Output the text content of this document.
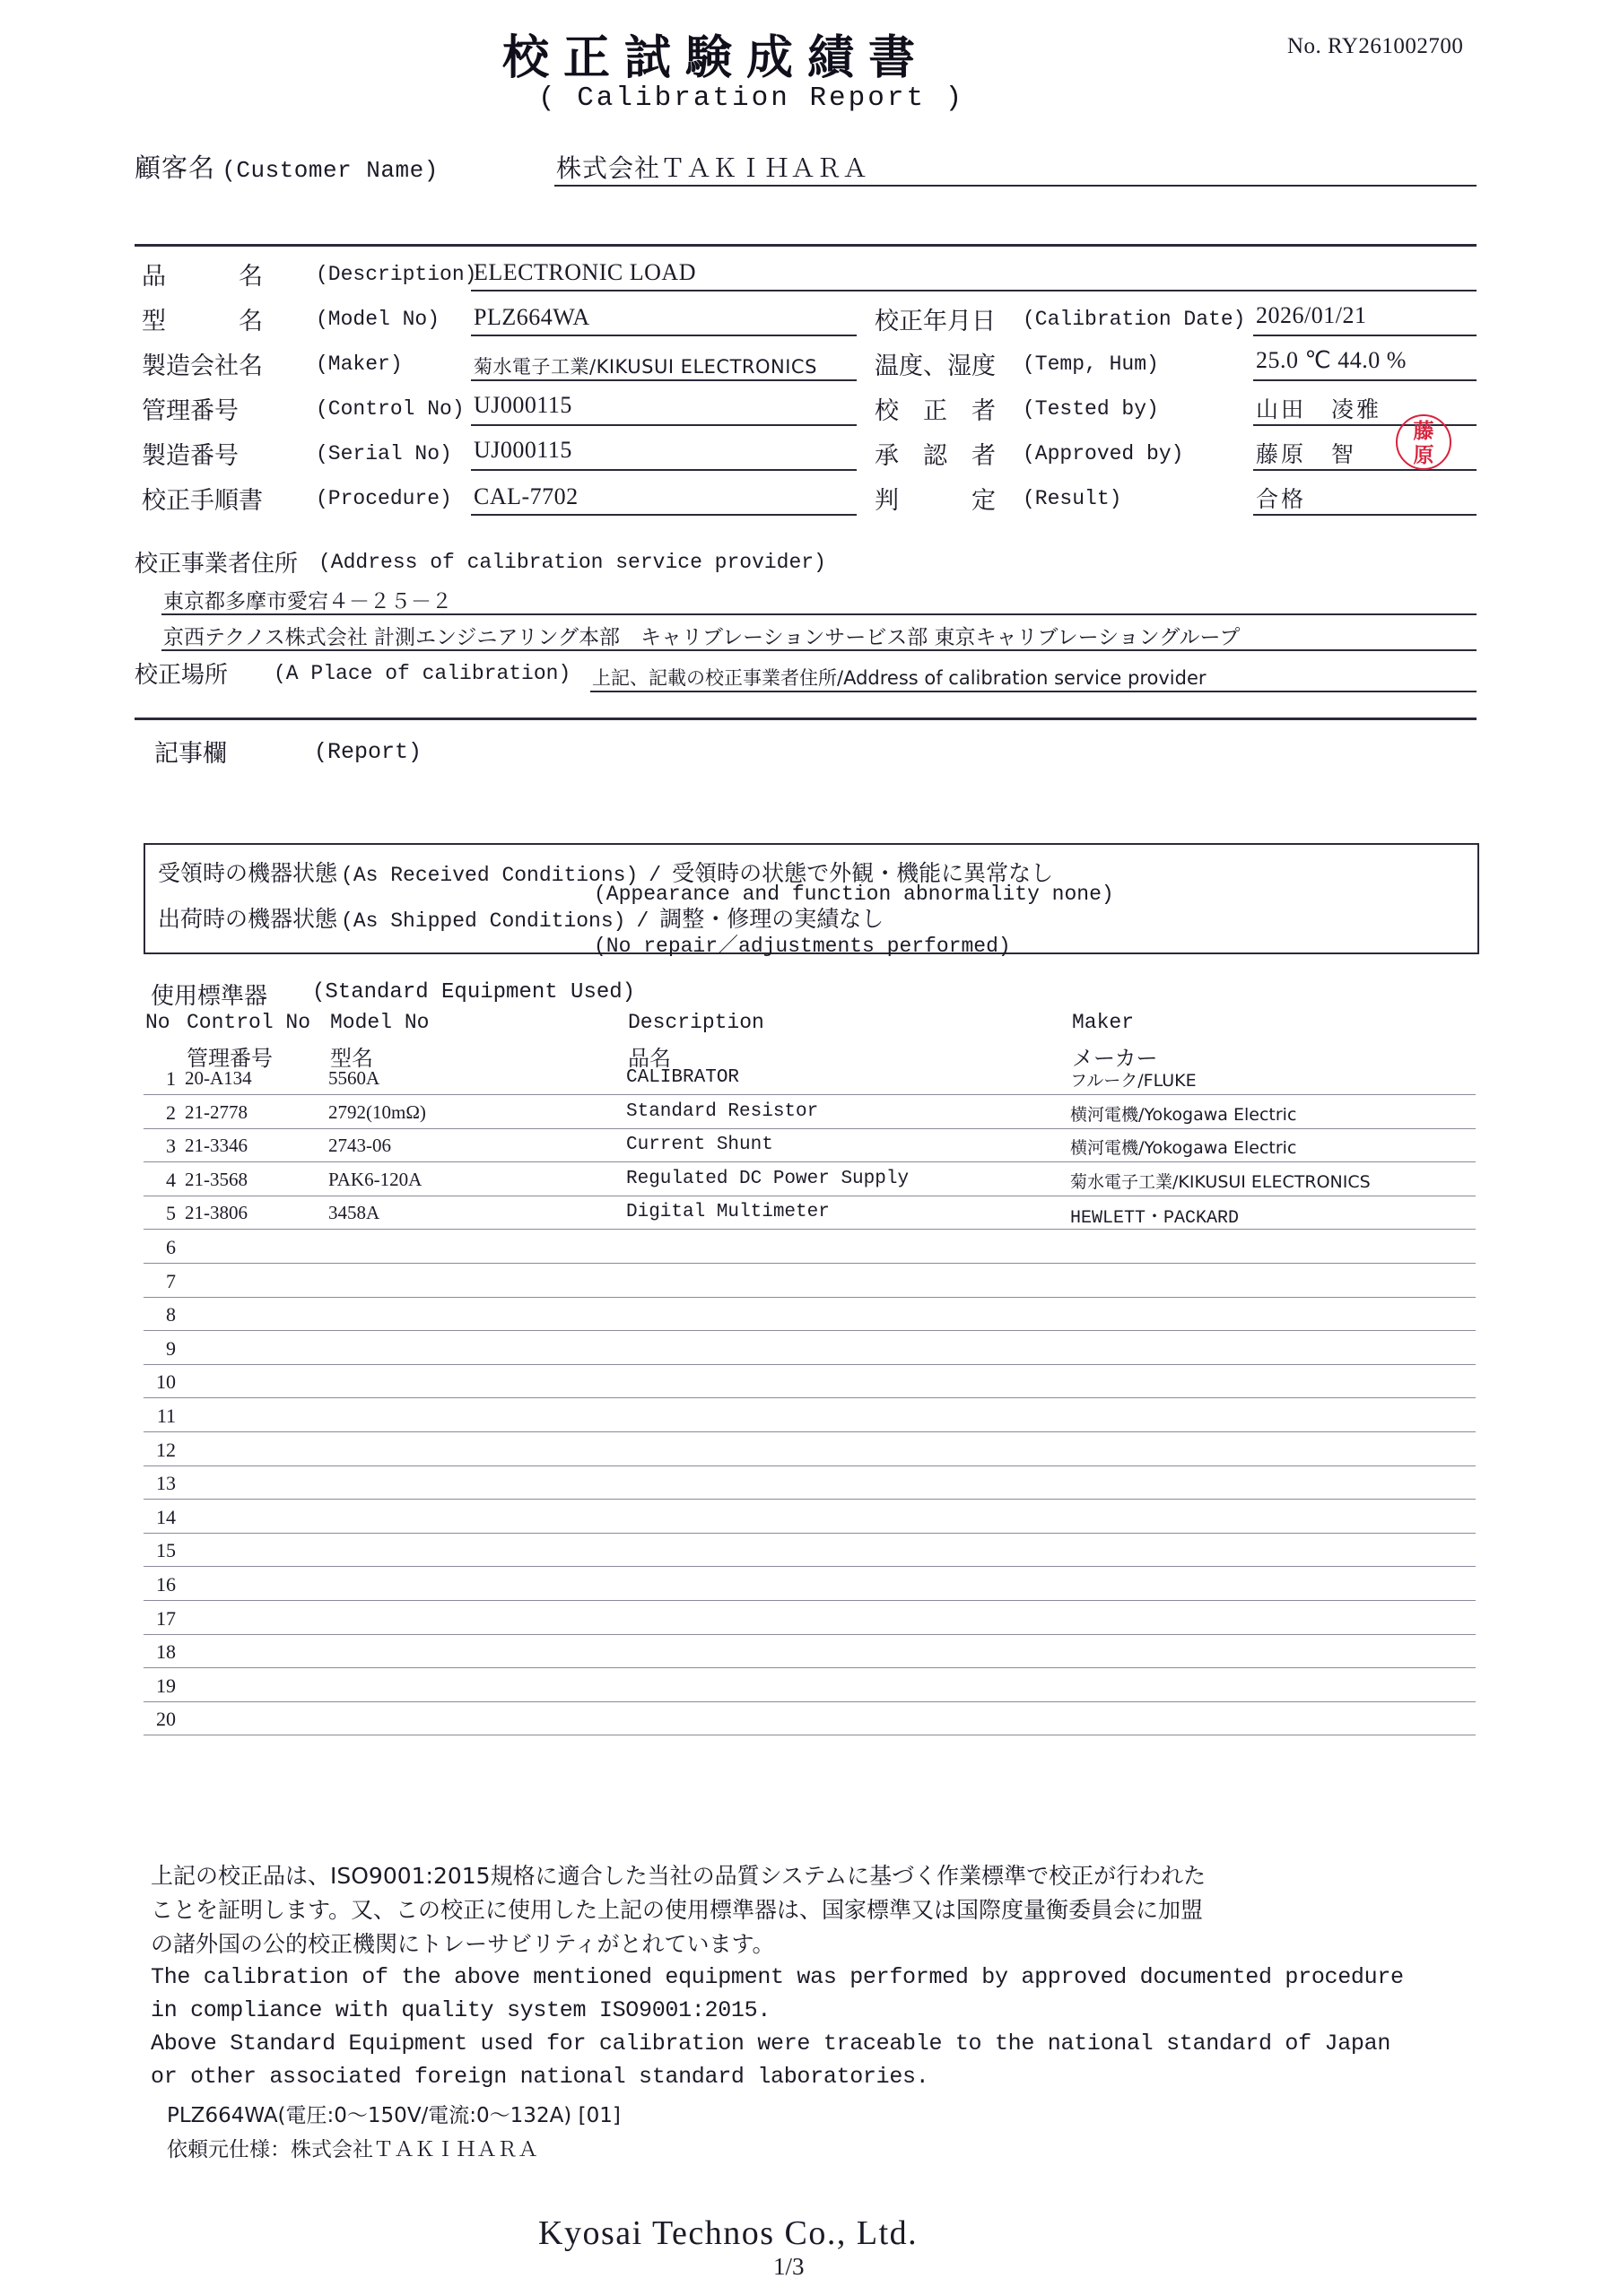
校正試験成績書
( Calibration Report )
No. RY261002700
顧客名 (Customer Name)	株式会社ＴＡＫＩＨＡＲＡ
品　　　名	(Description)
ELECTRONIC LOAD
型　　　名	(Model No) PLZ664WA
製造会社名	(Maker)	菊水電子工業/KIKUSUI ELECTRONICS
管理番号	(Control No) UJ000115
製造番号	(Serial No) UJ000115
校正手順書	(Procedure) CAL-7702
校正年月日 (Calibration Date) 2026/01/21
温度、湿度 (Temp, Hum)	25.0 ℃ 44.0 %
校　正　者 (Tested by)	山田　凌雅
承　認　者 (Approved by)	藤原　智
判　　　定 (Result)	合格
藤
原
校正事業者住所 (Address of calibration service provider)
東京都多摩市愛宕４－２５－２
京西テクノス株式会社 計測エンジニアリング本部　キャリブレーションサービス部 東京キャリブレーショングループ
校正場所 (A Place of calibration) 上記、記載の校正事業者住所/Address of calibration service provider
記事欄	(Report)
受領時の機器状態 (As Received Conditions) / 受領時の状態で外観・機能に異常なし
(Appearance and function abnormality none)
出荷時の機器状態 (As Shipped Conditions) / 調整・修理の実績なし
(No repair／adjustments performed)
使用標準器 (Standard Equipment Used)
No Control No Model No	Description	Maker
管理番号	型名	品名	メーカー
1 20-A134	5560A	CALIBRATOR	フルーク/FLUKE
2 21-2778	2792(10mΩ)	Standard Resistor	横河電機/Yokogawa Electric
3 21-3346	2743-06	Current Shunt	横河電機/Yokogawa Electric
4 21-3568	PAK6-120A	Regulated DC Power Supply	菊水電子工業/KIKUSUI ELECTRONICS
5 21-3806	3458A	Digital Multimeter	HEWLETT・PACKARD
6
7
8
9
10
11
12
13
14
15
16
17
18
19
20
上記の校正品は、ISO9001:2015規格に適合した当社の品質システムに基づく作業標準で校正が行われた
ことを証明します。又、この校正に使用した上記の使用標準器は、国家標準又は国際度量衡委員会に加盟
の諸外国の公的校正機関にトレーサビリティがとれています。
The calibration of the above mentioned equipment was performed by approved documented procedure
in compliance with quality system ISO9001:2015.
Above Standard Equipment used for calibration were traceable to the national standard of Japan
or other associated foreign national standard laboratories.
PLZ664WA(電圧:0～150V/電流:0～132A) [01]
依頼元仕様：株式会社ＴＡＫＩＨＡＲＡ
Kyosai Technos Co., Ltd.
1/3
